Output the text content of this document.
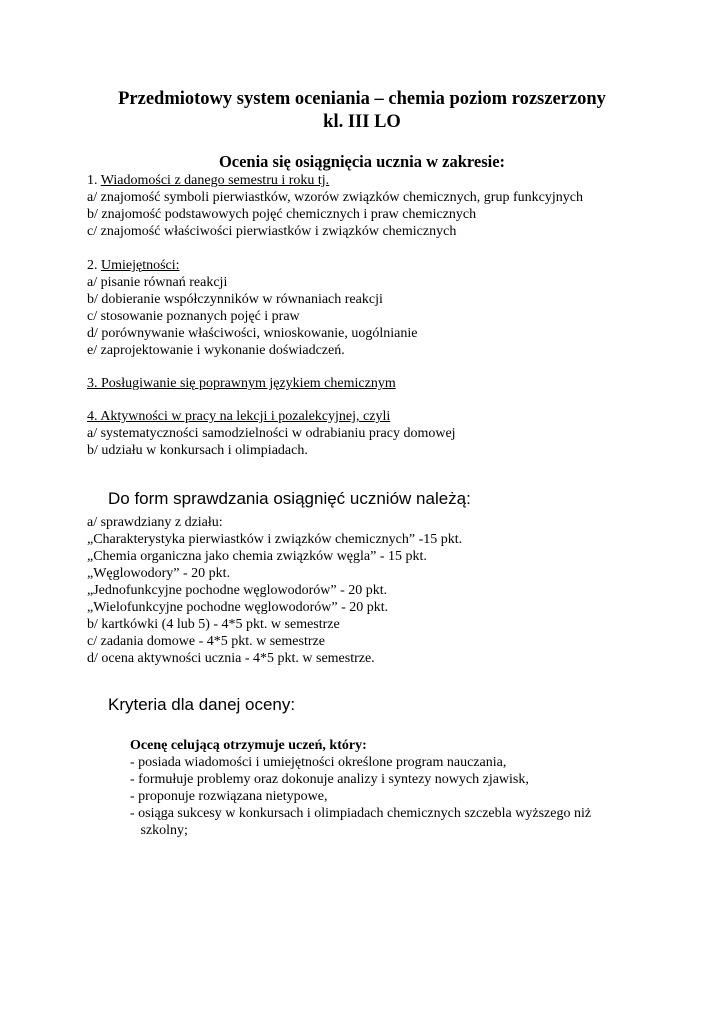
Przedmiotowy system oceniania – chemia poziom rozszerzony
kl. III LO
Ocenia się osiągnięcia ucznia w zakresie:
1. Wiadomości z danego semestru i roku tj.
a/ znajomość symboli pierwiastków, wzorów związków chemicznych, grup funkcyjnych
b/ znajomość podstawowych pojęć chemicznych i praw chemicznych
c/ znajomość właściwości pierwiastków i związków chemicznych
2. Umiejętności:
a/ pisanie równań reakcji
b/ dobieranie współczynników w równaniach reakcji
c/ stosowanie poznanych pojęć i praw
d/ porównywanie właściwości, wnioskowanie, uogólnianie
e/ zaprojektowanie i wykonanie doświadczeń.
3. Posługiwanie się poprawnym językiem chemicznym
4. Aktywności w pracy na lekcji i pozalekcyjnej, czyli
a/ systematyczności samodzielności w odrabianiu pracy domowej
b/ udziału w konkursach i olimpiadach.
Do form sprawdzania osiągnięć uczniów należą:
a/ sprawdziany z działu:
„Charakterystyka pierwiastków i związków chemicznych” -15 pkt.
„Chemia organiczna jako chemia związków węgla” - 15 pkt.
„Węglowodory” - 20 pkt.
„Jednofunkcyjne pochodne węglowodorów” - 20 pkt.
„Wielofunkcyjne pochodne węglowodorów” - 20 pkt.
b/ kartkówki (4 lub 5) - 4*5 pkt. w semestrze
c/ zadania domowe - 4*5 pkt. w semestrze
d/ ocena aktywności ucznia - 4*5 pkt. w semestrze.
Kryteria dla danej oceny:
Ocenę celującą otrzymuje uczeń, który:
- posiada wiadomości i umiejętności określone program nauczania,
- formułuje problemy oraz dokonuje analizy i syntezy nowych zjawisk,
- proponuje rozwiązana nietypowe,
- osiąga sukcesy w konkursach i olimpiadach chemicznych szczebla wyższego niż
szkolny;
